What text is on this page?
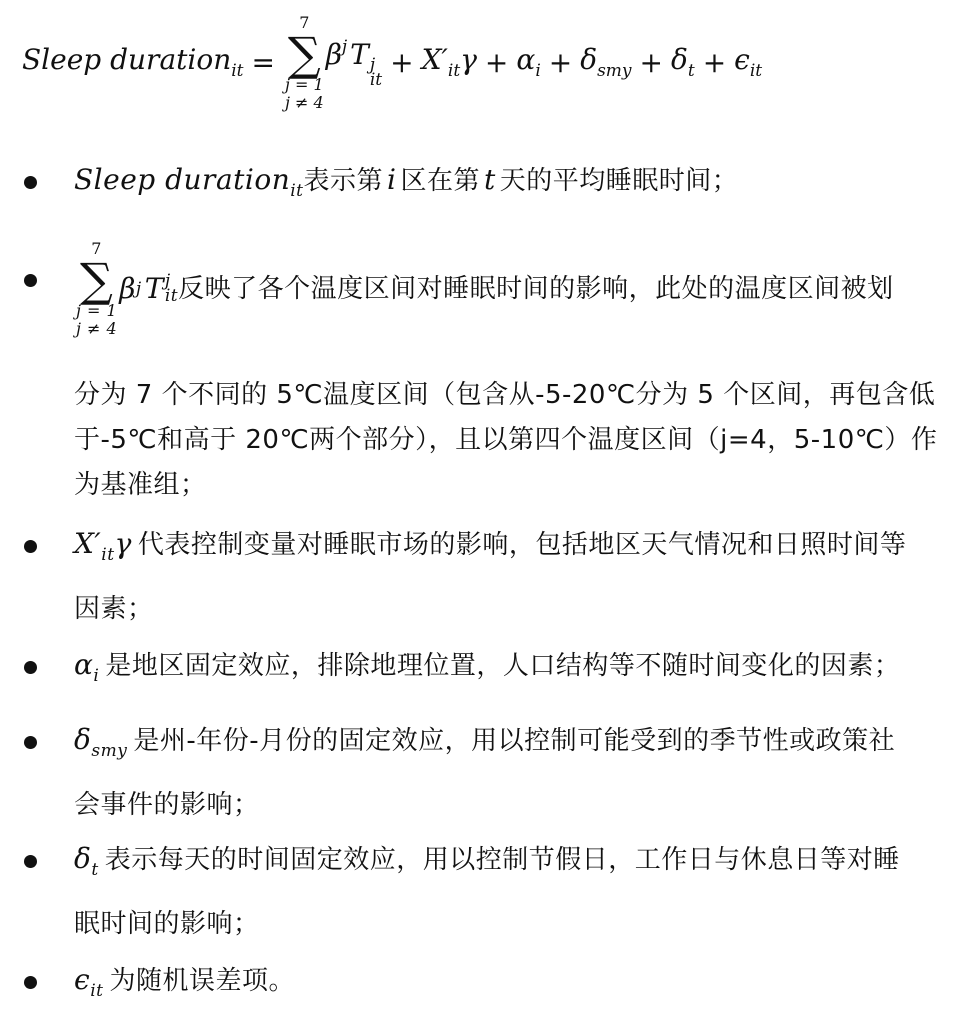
Sleep duration$_{it}$ =
7
∑
j = 1
j ≠ 4
$\beta^j$ T j
it
+ $X'_{it}\gamma + \alpha_i + \delta_{smy} + \delta_t + \epsilon_{it}$
Sleep duration$_{it}$表示第 i 区在第 t 天的平均睡眠时间；
7
∑
j = 1
j ≠ 4
β j T j
it 反映了各个温度区间对睡眠时间的影响，此处的温度区间被划
分为 7 个不同的 5℃温度区间（包含从-5-20℃分为 5 个区间，再包含低
于-5℃和高于 20℃两个部分），且以第四个温度区间（j=4，5-10℃）作
为基准组；
$X'_{it}\gamma$ 代表控制变量对睡眠市场的影响，包括地区天气情况和日照时间等
因素；
$\alpha_i$ 是地区固定效应，排除地理位置，人口结构等不随时间变化的因素；
$\delta_{smy}$ 是州-年份-月份的固定效应，用以控制可能受到的季节性或政策社
会事件的影响；
$\delta_t$ 表示每天的时间固定效应，用以控制节假日，工作日与休息日等对睡
眠时间的影响；
$\epsilon_{it}$ 为随机误差项。
